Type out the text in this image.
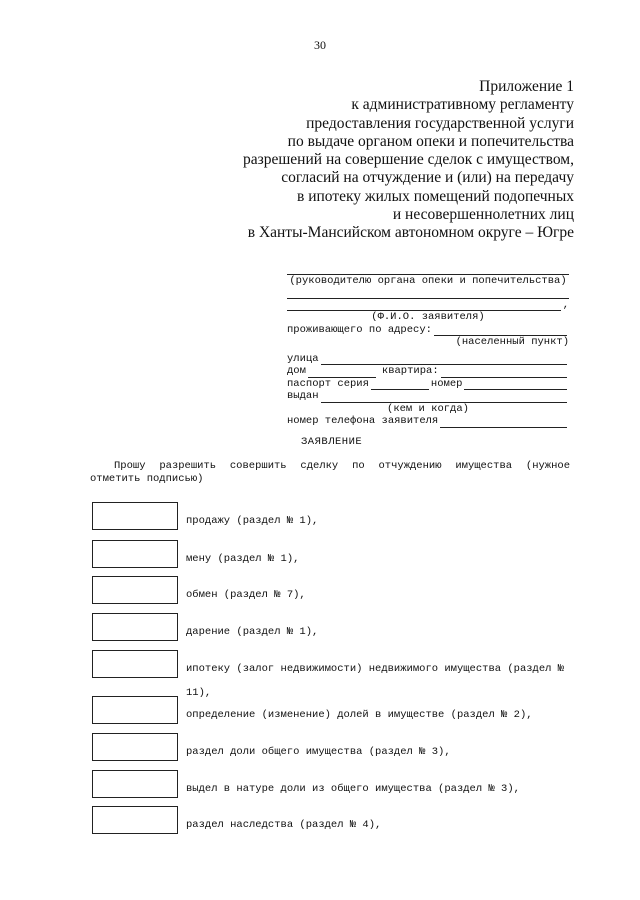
30
Приложение 1
к административному регламенту
предоставления государственной услуги
по выдаче органом опеки и попечительства
разрешений на совершение сделок с имуществом,
согласий на отчуждение и (или) на передачу
в ипотеку жилых помещений подопечных
и несовершеннолетних лиц
в Ханты-Мансийском автономном округе – Югре
(руководителю органа опеки и попечительства)
,
(Ф.И.О. заявителя)
проживающего по адресу:
(населенный пункт)
улица
дом	квартира:
паспорт серия	номер
выдан
(кем и когда)
номер телефона заявителя
ЗАЯВЛЕНИЕ
Прошу разрешить совершить сделку по отчуждению имущества (нужное
отметить подписью)
продажу (раздел № 1),
мену (раздел № 1),
обмен (раздел № 7),
дарение (раздел № 1),
ипотеку (залог недвижимости) недвижимого имущества (раздел №
11),
определение (изменение) долей в имуществе (раздел № 2),
раздел доли общего имущества (раздел № 3),
выдел в натуре доли из общего имущества (раздел № 3),
раздел наследства (раздел № 4),
